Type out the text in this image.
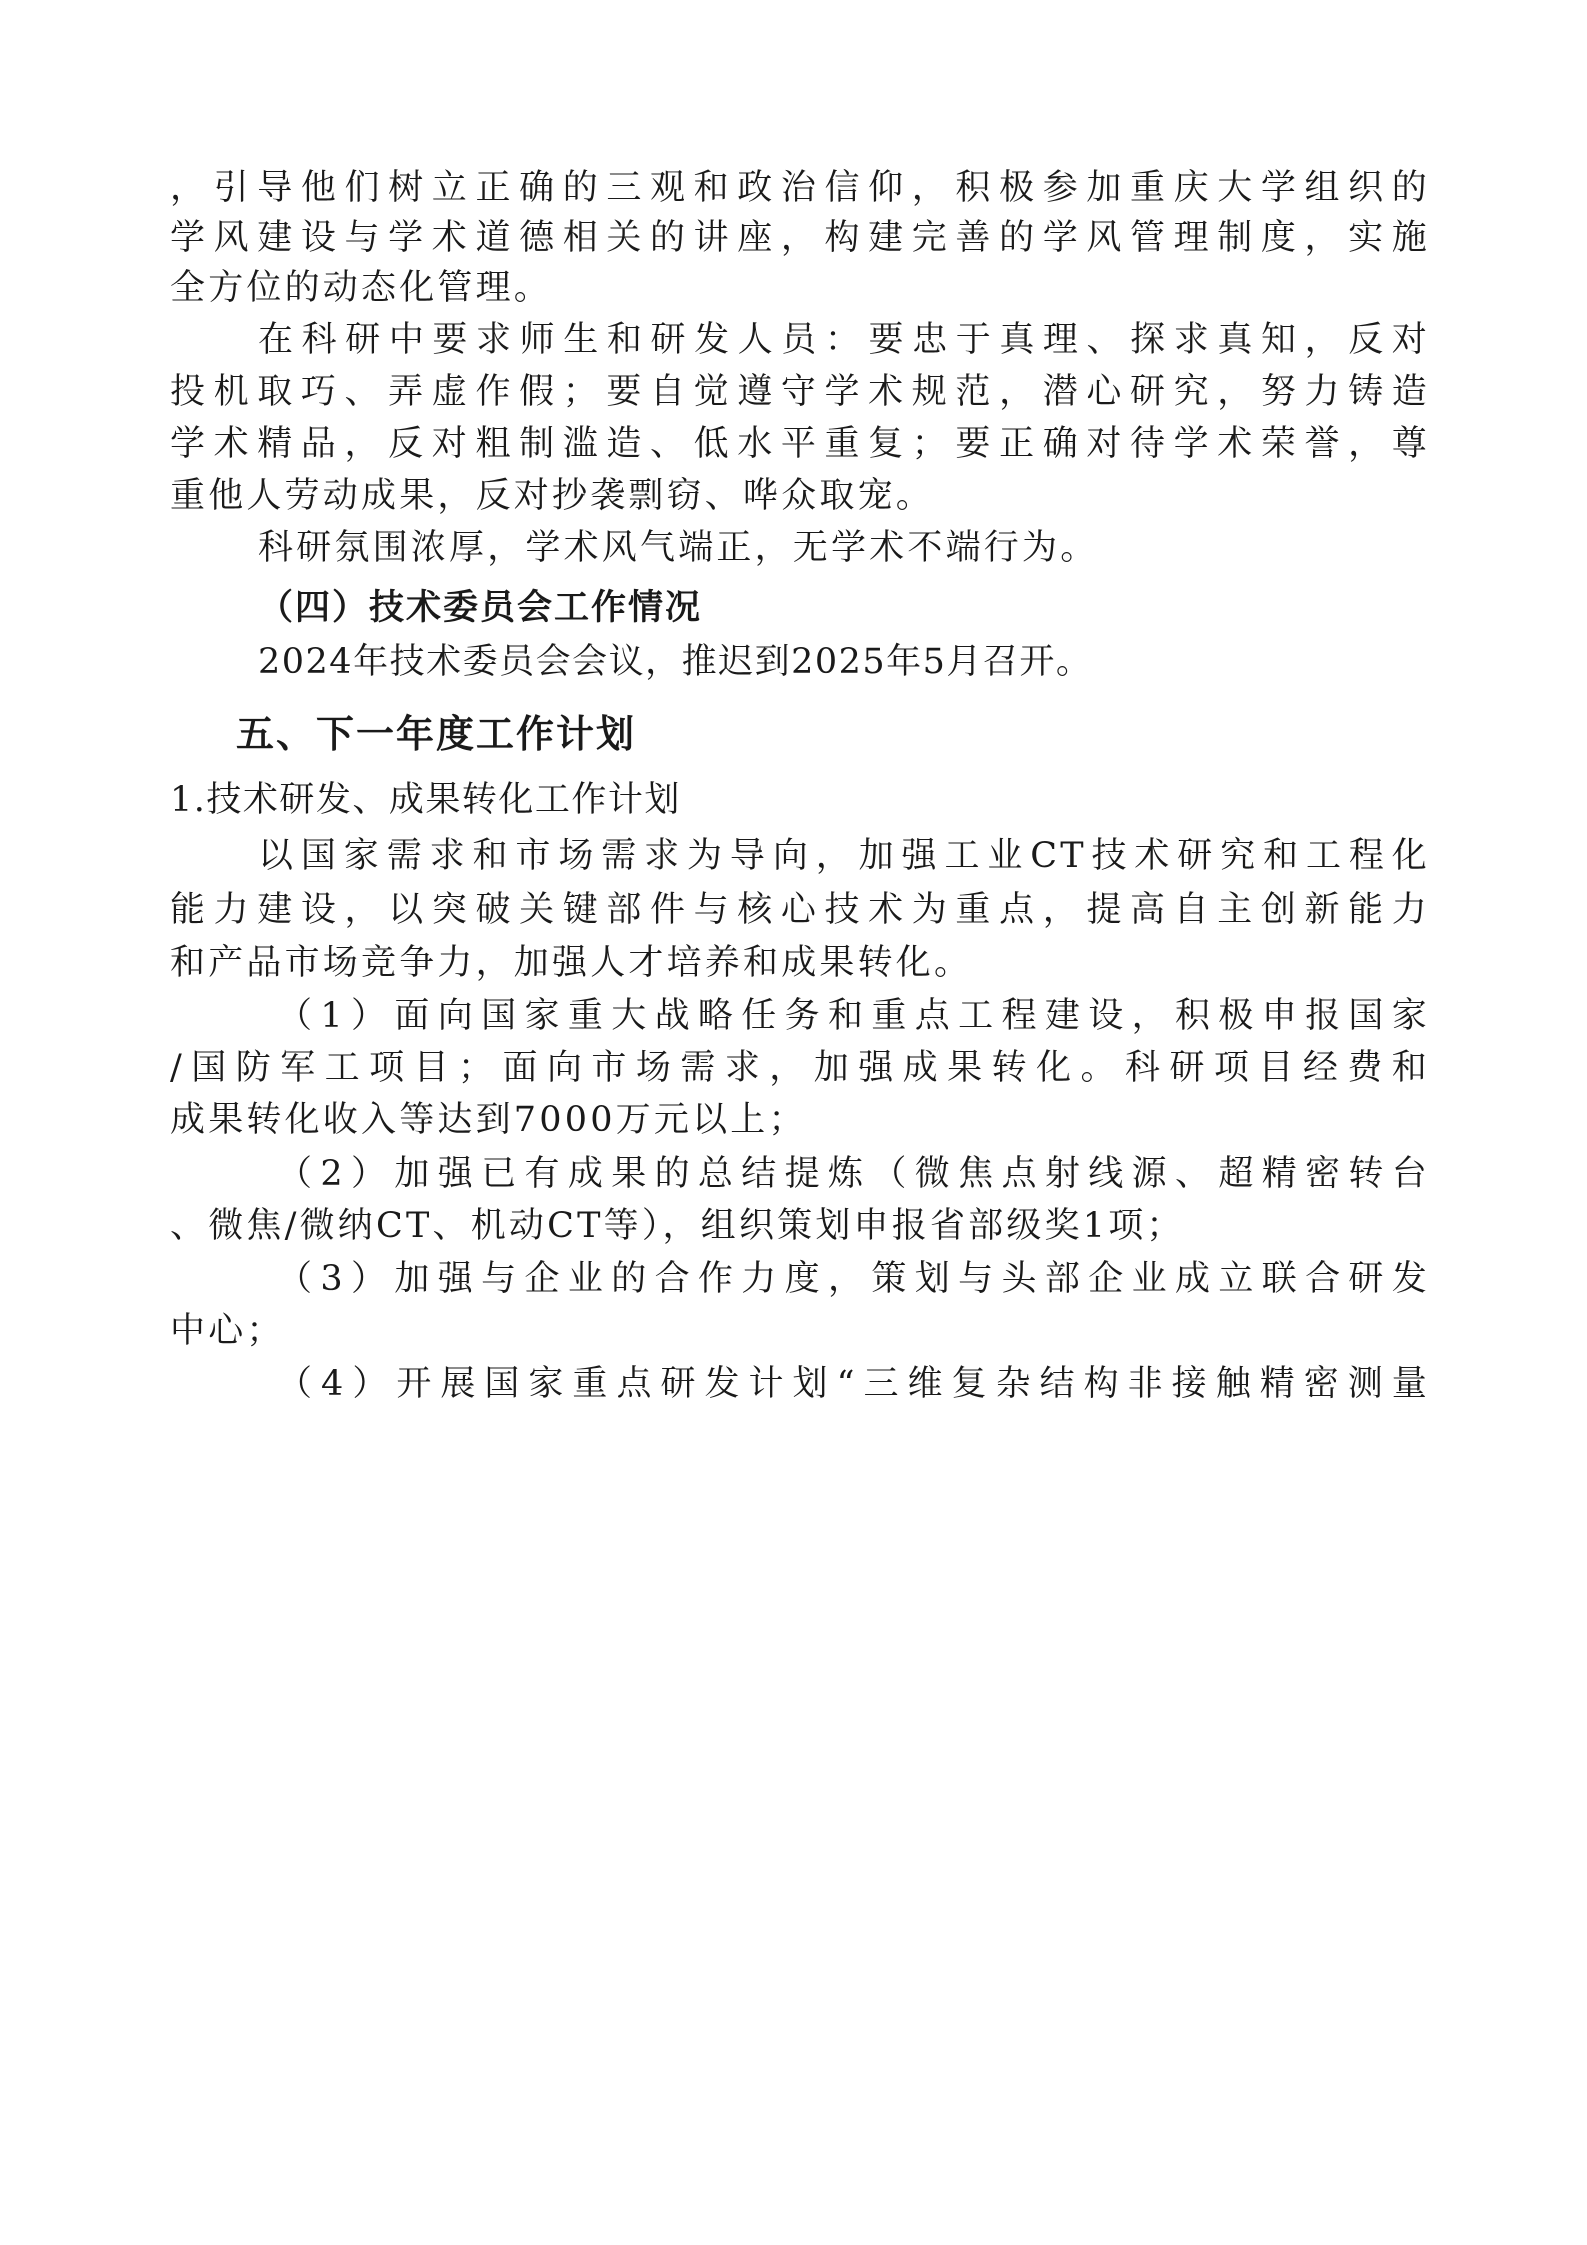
，引导他们树立正确的三观和政治信仰，积极参加重庆大学组织的
学风建设与学术道德相关的讲座，构建完善的学风管理制度，实施
全方位的动态化管理。
在科研中要求师生和研发人员：要忠于真理、探求真知，反对
投机取巧、弄虚作假；要自觉遵守学术规范，潜心研究，努力铸造
学术精品，反对粗制滥造、低水平重复；要正确对待学术荣誉，尊
重他人劳动成果，反对抄袭剽窃、哗众取宠。
科研氛围浓厚，学术风气端正，无学术不端行为。
（四）技术委员会工作情况
2024年技术委员会会议，推迟到2025年5月召开。
五、下一年度工作计划
1.技术研发、成果转化工作计划
以国家需求和市场需求为导向，加强工业CT技术研究和工程化
能力建设，以突破关键部件与核心技术为重点，提高自主创新能力
和产品市场竞争力，加强人才培养和成果转化。
（1）面向国家重大战略任务和重点工程建设，积极申报国家
/国防军工项目；面向市场需求，加强成果转化。科研项目经费和
成果转化收入等达到7000万元以上；
（2）加强已有成果的总结提炼（微焦点射线源、超精密转台
、微焦/微纳CT、机动CT等），组织策划申报省部级奖1项；
（3）加强与企业的合作力度，策划与头部企业成立联合研发
中心；
（4）开展国家重点研发计划“三维复杂结构非接触精密测量
